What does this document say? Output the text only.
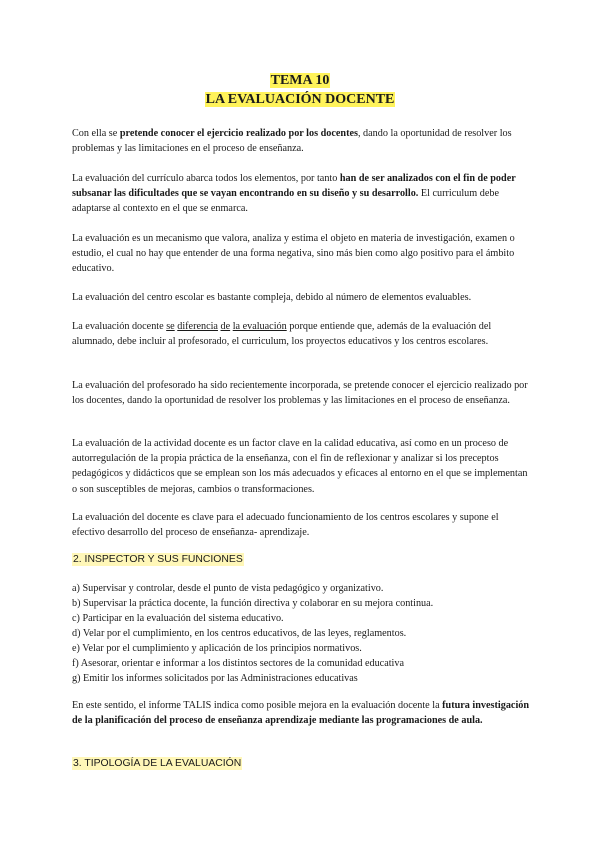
TEMA 10
LA EVALUACIÓN DOCENTE

Con ella se pretende conocer el ejercicio realizado por los docentes, dando la oportunidad de resolver los problemas y las limitaciones en el proceso de enseñanza.

La evaluación del currículo abarca todos los elementos, por tanto han de ser analizados con el fin de poder subsanar las dificultades que se vayan encontrando en su diseño y su desarrollo. El curriculum debe adaptarse al contexto en el que se enmarca.

La evaluación es un mecanismo que valora, analiza y estima el objeto en materia de investigación, examen o estudio, el cual no hay que entender de una forma negativa, sino más bien como algo positivo para el ámbito educativo.

La evaluación del centro escolar es bastante compleja, debido al número de elementos evaluables.

La evaluación docente se diferencia de la evaluación porque entiende que, además de la evaluación del alumnado, debe incluir al profesorado, el curriculum, los proyectos educativos y los centros escolares.

La evaluación del profesorado ha sido recientemente incorporada, se pretende conocer el ejercicio realizado por los docentes, dando la oportunidad de resolver los problemas y las limitaciones en el proceso de enseñanza.

La evaluación de la actividad docente es un factor clave en la calidad educativa, así como en un proceso de autorregulación de la propia práctica de la enseñanza, con el fin de reflexionar y analizar si los preceptos pedagógicos y didácticos que se emplean son los más adecuados y eficaces al entorno en el que se implementan o son susceptibles de mejoras, cambios o transformaciones.

La evaluación del docente es clave para el adecuado funcionamiento de los centros escolares y supone el efectivo desarrollo del proceso de enseñanza- aprendizaje.

2. INSPECTOR Y SUS FUNCIONES
a) Supervisar y controlar, desde el punto de vista pedagógico y organizativo.
b) Supervisar la práctica docente, la función directiva y colaborar en su mejora continua.
c) Participar en la evaluación del sistema educativo.
d) Velar por el cumplimiento, en los centros educativos, de las leyes, reglamentos.
e) Velar por el cumplimiento y aplicación de los principios normativos.
f) Asesorar, orientar e informar a los distintos sectores de la comunidad educativa
g) Emitir los informes solicitados por las Administraciones educativas

En este sentido, el informe TALIS indica como posible mejora en la evaluación docente la futura investigación de la planificación del proceso de enseñanza aprendizaje mediante las programaciones de aula.

3. TIPOLOGÍA DE LA EVALUACIÓN
